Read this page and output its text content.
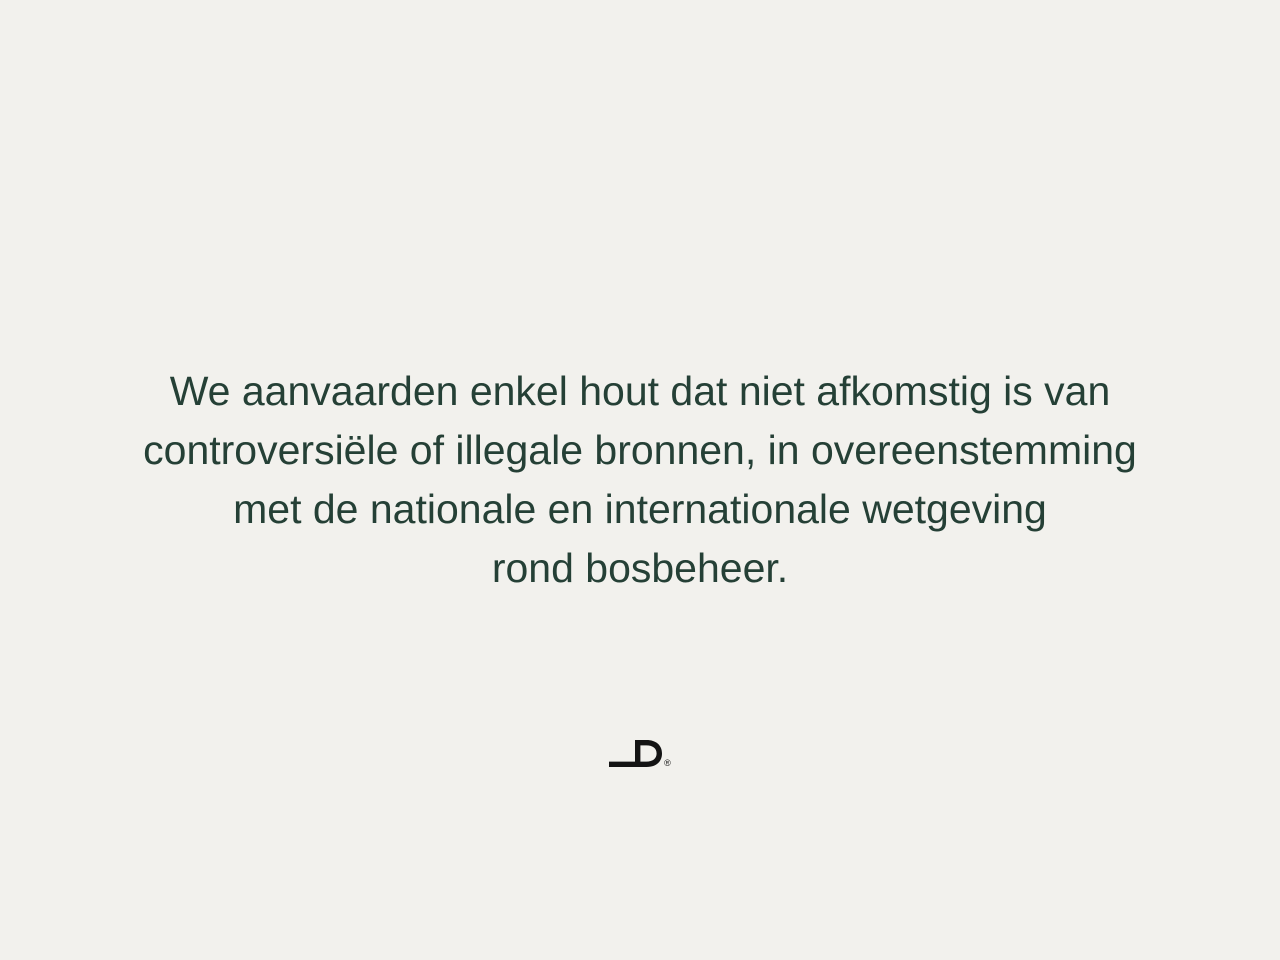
We aanvaarden enkel hout dat niet afkomstig is van
controversiële of illegale bronnen, in overeenstemming
met de nationale en internationale wetgeving
rond bosbeheer.
®
